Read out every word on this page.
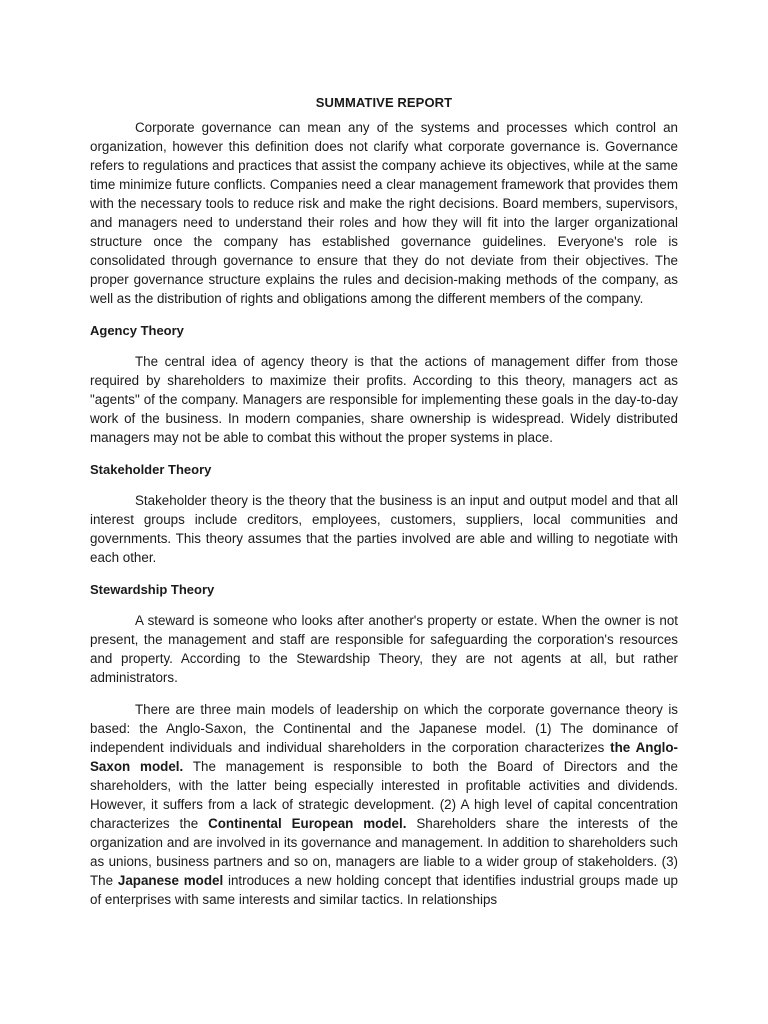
SUMMATIVE REPORT

Corporate governance can mean any of the systems and processes which control an organization, however this definition does not clarify what corporate governance is. Governance refers to regulations and practices that assist the company achieve its objectives, while at the same time minimize future conflicts. Companies need a clear management framework that provides them with the necessary tools to reduce risk and make the right decisions. Board members, supervisors, and managers need to understand their roles and how they will fit into the larger organizational structure once the company has established governance guidelines. Everyone's role is consolidated through governance to ensure that they do not deviate from their objectives. The proper governance structure explains the rules and decision-making methods of the company, as well as the distribution of rights and obligations among the different members of the company.

Agency Theory

The central idea of agency theory is that the actions of management differ from those required by shareholders to maximize their profits. According to this theory, managers act as "agents" of the company. Managers are responsible for implementing these goals in the day-to-day work of the business. In modern companies, share ownership is widespread. Widely distributed managers may not be able to combat this without the proper systems in place.

Stakeholder Theory

Stakeholder theory is the theory that the business is an input and output model and that all interest groups include creditors, employees, customers, suppliers, local communities and governments. This theory assumes that the parties involved are able and willing to negotiate with each other.

Stewardship Theory

A steward is someone who looks after another's property or estate. When the owner is not present, the management and staff are responsible for safeguarding the corporation's resources and property. According to the Stewardship Theory, they are not agents at all, but rather administrators.

There are three main models of leadership on which the corporate governance theory is based: the Anglo-Saxon, the Continental and the Japanese model. (1) The dominance of independent individuals and individual shareholders in the corporation characterizes the Anglo-Saxon model. The management is responsible to both the Board of Directors and the shareholders, with the latter being especially interested in profitable activities and dividends. However, it suffers from a lack of strategic development. (2) A high level of capital concentration characterizes the Continental European model. Shareholders share the interests of the organization and are involved in its governance and management. In addition to shareholders such as unions, business partners and so on, managers are liable to a wider group of stakeholders. (3) The Japanese model introduces a new holding concept that identifies industrial groups made up of enterprises with same interests and similar tactics. In relationships
